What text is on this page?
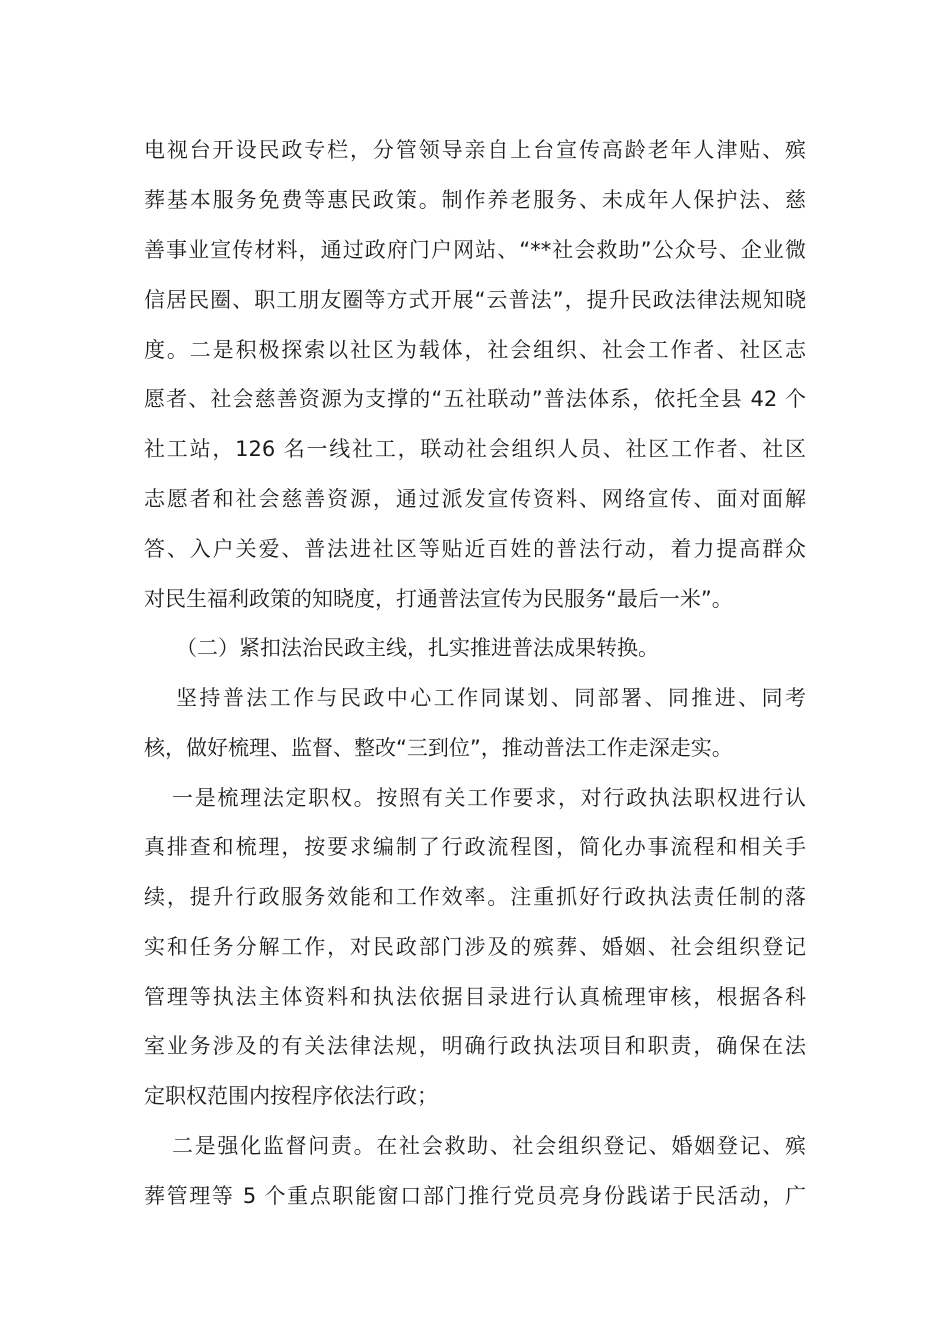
电视台开设民政专栏，分管领导亲自上台宣传高龄老年人津贴、殡
葬基本服务免费等惠民政策。制作养老服务、未成年人保护法、慈
善事业宣传材料，通过政府门户网站、“**社会救助”公众号、企业微
信居民圈、职工朋友圈等方式开展“云普法”，提升民政法律法规知晓
度。二是积极探索以社区为载体，社会组织、社会工作者、社区志
愿者、社会慈善资源为支撑的“五社联动”普法体系，依托全县 42 个
社工站，126 名一线社工，联动社会组织人员、社区工作者、社区
志愿者和社会慈善资源，通过派发宣传资料、网络宣传、面对面解
答、入户关爱、普法进社区等贴近百姓的普法行动，着力提高群众
对民生福利政策的知晓度，打通普法宣传为民服务“最后一米”。
（二）紧扣法治民政主线，扎实推进普法成果转换。
坚持普法工作与民政中心工作同谋划、同部署、同推进、同考
核，做好梳理、监督、整改“三到位”，推动普法工作走深走实。
一是梳理法定职权。按照有关工作要求，对行政执法职权进行认
真排查和梳理，按要求编制了行政流程图，简化办事流程和相关手
续，提升行政服务效能和工作效率。注重抓好行政执法责任制的落
实和任务分解工作，对民政部门涉及的殡葬、婚姻、社会组织登记
管理等执法主体资料和执法依据目录进行认真梳理审核，根据各科
室业务涉及的有关法律法规，明确行政执法项目和职责，确保在法
定职权范围内按程序依法行政；
二是强化监督问责。在社会救助、社会组织登记、婚姻登记、殡
葬管理等 5 个重点职能窗口部门推行党员亮身份践诺于民活动，广
